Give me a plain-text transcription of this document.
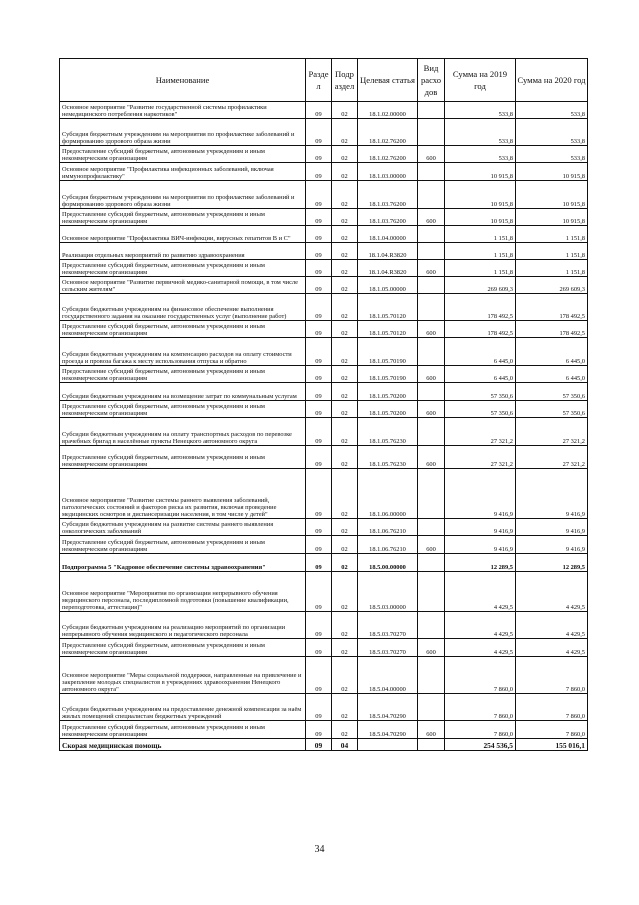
Наименование	Разде л	Подр аздел	Целевая статья	Вид расхо дов	Сумма на 2019 год	Сумма на 2020 год
Основное мероприятие "Развитие государственной системы профилактики немедицинского потребления наркотиков"	09	02	18.1.02.00000		533,8	533,8
Субсидия бюджетным учреждениям на мероприятия по профилактике заболеваний и формированию здорового образа жизни	09	02	18.1.02.76200		533,8	533,8
Предоставление субсидий бюджетным, автономным учреждениям и иным некоммерческим организациям	09	02	18.1.02.76200	600	533,8	533,8
Основное мероприятие "Профилактика инфекционных заболеваний, включая иммунопрофилактику"	09	02	18.1.03.00000		10 915,8	10 915,8
Субсидия бюджетным учреждениям на мероприятия по профилактике заболеваний и формированию здорового образа жизни	09	02	18.1.03.76200		10 915,8	10 915,8
Предоставление субсидий бюджетным, автономным учреждениям и иным некоммерческим организациям	09	02	18.1.03.76200	600	10 915,8	10 915,8
Основное мероприятие "Профилактика ВИЧ-инфекции, вирусных гепатитов В и С"	09	02	18.1.04.00000		1 151,8	1 151,8
Реализация отдельных мероприятий по развитию здравоохранения	09	02	18.1.04.R3820		1 151,8	1 151,8
Предоставление субсидий бюджетным, автономным учреждениям и иным некоммерческим организациям	09	02	18.1.04.R3820	600	1 151,8	1 151,8
Основное мероприятие "Развитие первичной медико-санитарной помощи, в том числе сельским жителям"	09	02	18.1.05.00000		269 609,3	269 609,3
Субсидии бюджетным учреждениям на финансовое обеспечение выполнения государственного задания на оказание государственных услуг (выполнение работ)	09	02	18.1.05.70120		178 492,5	178 492,5
Предоставление субсидий бюджетным, автономным учреждениям и иным некоммерческим организациям	09	02	18.1.05.70120	600	178 492,5	178 492,5
Субсидии бюджетным учреждениям на компенсацию расходов на оплату стоимости проезда и провоза багажа к месту использования отпуска и обратно	09	02	18.1.05.70190		6 445,0	6 445,0
Предоставление субсидий бюджетным, автономным учреждениям и иным некоммерческим организациям	09	02	18.1.05.70190	600	6 445,0	6 445,0
Субсидии бюджетным учреждениям на возмещение затрат по коммунальным услугам	09	02	18.1.05.70200		57 350,6	57 350,6
Предоставление субсидий бюджетным, автономным учреждениям и иным некоммерческим организациям	09	02	18.1.05.70200	600	57 350,6	57 350,6
Субсидии бюджетным учреждениям на оплату транспортных расходов по перевозке врачебных бригад в населённые пункты Ненецкого автономного округа	09	02	18.1.05.76230		27 321,2	27 321,2
Предоставление субсидий бюджетным, автономным учреждениям и иным некоммерческим организациям	09	02	18.1.05.76230	600	27 321,2	27 321,2
Основное мероприятие "Развитие системы раннего выявления заболеваний, патологических состояний и факторов риска их развития, включая проведение медицинских осмотров и диспансеризации населения, в том числе у детей"	09	02	18.1.06.00000		9 416,9	9 416,9
Субсидии бюджетным учреждениям на развитие системы раннего выявления онкологических заболеваний	09	02	18.1.06.76210		9 416,9	9 416,9
Предоставление субсидий бюджетным, автономным учреждениям и иным некоммерческим организациям	09	02	18.1.06.76210	600	9 416,9	9 416,9
Подпрограмма 5 "Кадровое обеспечение системы здравоохранения"	09	02	18.5.00.00000		12 289,5	12 289,5
Основное мероприятие "Мероприятия по организации непрерывного обучения медицинского персонала, последипломной подготовки (повышение квалификации, переподготовка, аттестация)"	09	02	18.5.03.00000		4 429,5	4 429,5
Субсидии бюджетным учреждениям на реализацию мероприятий по организации непрерывного обучения медицинского и педагогического персонала	09	02	18.5.03.70270		4 429,5	4 429,5
Предоставление субсидий бюджетным, автономным учреждениям и иным некоммерческим организациям	09	02	18.5.03.70270	600	4 429,5	4 429,5
Основное мероприятие "Меры социальной поддержки, направленные на привлечение и закрепление молодых специалистов в учреждениях здравоохранения Ненецкого автономного округа"	09	02	18.5.04.00000		7 860,0	7 860,0
Субсидии бюджетным учреждениям на предоставление денежной компенсации за наём жилых помещений специалистам бюджетных учреждений	09	02	18.5.04.70290		7 860,0	7 860,0
Предоставление субсидий бюджетным, автономным учреждениям и иным некоммерческим организациям	09	02	18.5.04.70290	600	7 860,0	7 860,0
Скорая медицинская помощь	09	04			254 536,5	155 016,1
34
